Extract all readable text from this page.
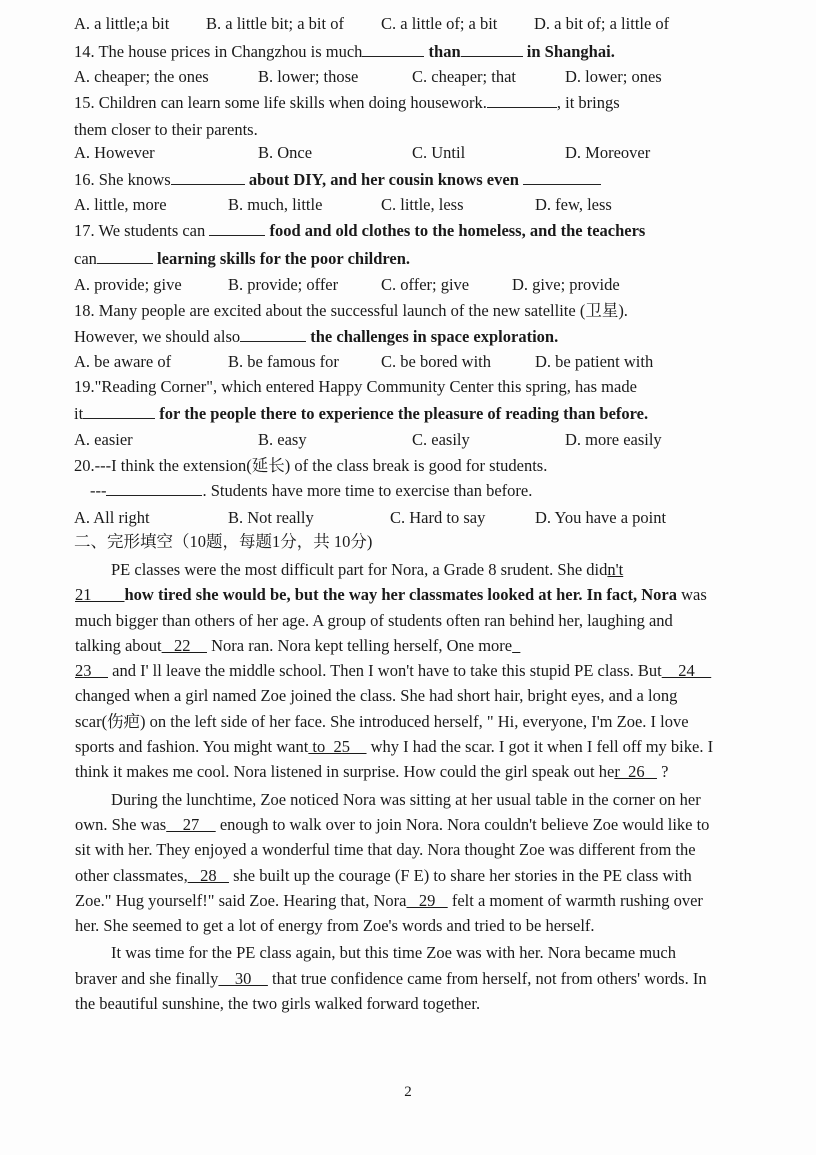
A. a little;a bit B. a little bit; a bit of C. a little of; a bit D. a bit of; a little of
14. The house prices in Changzhou is much	than	in Shanghai.
A. cheaper; the ones	B. lower; those	C. cheaper; that	D. lower; ones
15. Children can learn some life skills when doing housework.	, it brings
them closer to their parents.
A. However	B. Once	C. Until	D. Moreover
16. She knows	about DIY, and her cousin knows even
A. little, more	B. much, little	C. little, less	D. few, less
17. We students can	food and old clothes to the homeless, and the teachers
can	learning skills for the poor children.
A. provide; give	B. provide; offer	C. offer; give	D. give; provide
18. Many people are excited about the successful launch of the new satellite (卫星).
However, we should also	the challenges in space exploration.
A. be aware of	B. be famous for	C. be bored with	D. be patient with
19."Reading Corner", which entered Happy Community Center this spring, has made
it	for the people there to experience the pleasure of reading than before.
A. easier	B. easy	C. easily	D. more easily
20.---I think the extension(延长) of the class break is good for students.
---	. Students have more time to exercise than before.
A. All right	B. Not really	C. Hard to say	D. You have a point
二、完形填空（10题，每题1分，共 10分)

PE classes were the most difficult part for Nora, a Grade 8 srudent. She didn't
21 how tired she would be, but the way her classmates looked at her. In fact, Nora was much bigger than others of her age. A group of students often ran behind her, laughing and talking about   22     Nora ran. Nora kept telling herself, One more
23     and I' ll leave the middle school. Then I won't have to take this stupid PE class. But    24     changed when a girl named Zoe joined the class. She had short hair, bright eyes, and a long scar(伤疤) on the left side of her face. She introduced herself, " Hi, everyone, I'm Zoe. I love sports and fashion. You might want to  25     why I had the scar. I got it when I fell off my bike. I think it makes me cool. Nora listened in surprise. How could the girl speak out her  26    ?

During the lunchtime, Zoe noticed Nora was sitting at her usual table in the corner on her own. She was    27     enough to walk over to join Nora. Nora couldn't believe Zoe would like to sit with her. They enjoyed a wonderful time that day. Nora thought Zoe was different from the other classmates,   28    she built up the courage (F E) to share her stories in the PE class with Zoe." Hug yourself!" said Zoe. Hearing that, Nora   29    felt a moment of warmth rushing over her. She seemed to get a lot of energy from Zoe's words and tried to be herself.

It was time for the PE class again, but this time Zoe was with her. Nora became much braver and she finally    30     that true confidence came from herself, not from others' words. In the beautiful sunshine, the two girls walked forward together.

2
